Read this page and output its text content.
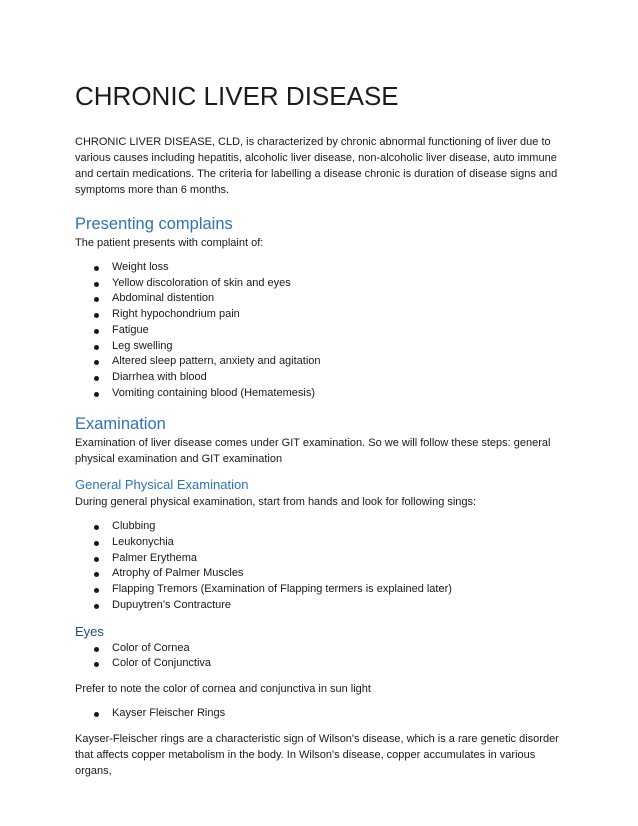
CHRONIC LIVER DISEASE

CHRONIC LIVER DISEASE, CLD, is characterized by chronic abnormal functioning of liver due to various causes including hepatitis, alcoholic liver disease, non-alcoholic liver disease, auto immune and certain medications. The criteria for labelling a disease chronic is duration of disease signs and symptoms more than 6 months.

Presenting complains

The patient presents with complaint of:

Weight loss
Yellow discoloration of skin and eyes
Abdominal distention
Right hypochondrium pain
Fatigue
Leg swelling
Altered sleep pattern, anxiety and agitation
Diarrhea with blood
Vomiting containing blood (Hematemesis)
Examination

Examination of liver disease comes under GIT examination. So we will follow these steps: general physical examination and GIT examination

General Physical Examination

During general physical examination, start from hands and look for following sings:

Clubbing
Leukonychia
Palmer Erythema
Atrophy of Palmer Muscles
Flapping Tremors (Examination of Flapping termers is explained later)
Dupuytren’s Contracture
Eyes
Color of Cornea
Color of Conjunctiva

Prefer to note the color of cornea and conjunctiva in sun light

Kayser Fleischer Rings

Kayser-Fleischer rings are a characteristic sign of Wilson's disease, which is a rare genetic disorder that affects copper metabolism in the body. In Wilson's disease, copper accumulates in various organs,
